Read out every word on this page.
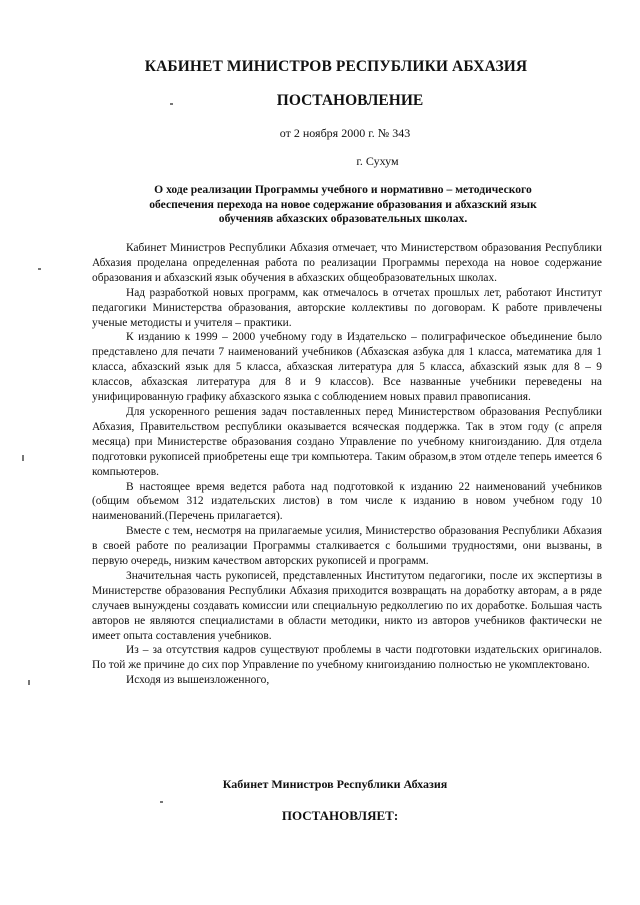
КАБИНЕТ МИНИСТРОВ РЕСПУБЛИКИ АБХАЗИЯ
ПОСТАНОВЛЕНИЕ
от 2 ноября 2000 г. № 343
г. Сухум
О ходе реализации Программы учебного и нормативно – методического
обеспечения перехода на новое содержание образования и абхазский язык
обученияв абхазских образовательных школах.

Кабинет Министров Республики Абхазия отмечает, что Министерством образования Республики Абхазия проделана определенная работа по реализации Программы перехода на новое содержание образования и абхазский язык обучения в абхазских общеобразовательных школах.

Над разработкой новых программ, как отмечалось в отчетах прошлых лет, работают Институт педагогики Министерства образования, авторские коллективы по договорам. К работе привлечены ученые методисты и учителя – практики.

К изданию к 1999 – 2000 учебному году в Издательско – полиграфическое объединение было представлено для печати 7 наименований учебников (Абхазская азбука для 1 класса, математика для 1 класса, абхазский язык для 5 класса, абхазская литература для 5 класса, абхазский язык для 8 – 9 классов, абхазская литература для 8 и 9 классов). Все названные учебники переведены на унифицированную графику абхазского языка с соблюдением новых правил правописания.

Для ускоренного решения задач поставленных перед Министерством образования Республики Абхазия, Правительством республики оказывается всяческая поддержка. Так в этом году (с апреля месяца) при Министерстве образования создано Управление по учебному книгоизданию. Для отдела подготовки рукописей приобретены еще три компьютера. Таким образом,в этом отделе теперь имеется 6 компьютеров.

В настоящее время ведется работа над подготовкой к изданию 22 наименований учебников (общим объемом 312 издательских листов) в том числе к изданию в новом учебном году 10 наименований.(Перечень прилагается).

Вместе с тем, несмотря на прилагаемые усилия, Министерство образования Республики Абхазия в своей работе по реализации Программы сталкивается с большими трудностями, они вызваны, в первую очередь, низким качеством авторских рукописей и программ.

Значительная часть рукописей, представленных Институтом педагогики, после их экспертизы в Министерстве образования Республики Абхазия приходится возвращать на доработку авторам, а в ряде случаев вынуждены создавать комиссии или специальную редколлегию по их доработке. Большая часть авторов не являются специалистами в области методики, никто из авторов учебников фактически не имеет опыта составления учебников.

Из – за отсутствия кадров существуют проблемы в части подготовки издательских оригиналов. По той же причине до сих пор Управление по учебному книгоизданию полностью не укомплектовано.

Исходя из вышеизложенного,

Кабинет Министров Республики Абхазия
ПОСТАНОВЛЯЕТ:
